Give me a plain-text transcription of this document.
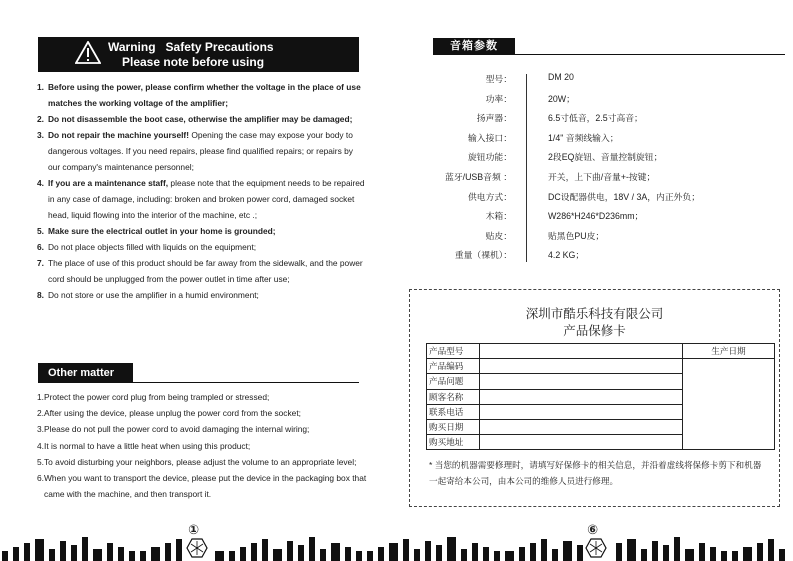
Warning   Safety Precautions
Please note before using
1. Before using the power, please confirm whether the voltage in the place of use matches the working voltage of the amplifier;
2. Do not disassemble the boot case, otherwise the amplifier may be damaged;
3. Do not repair the machine yourself! Opening the case may expose your body to dangerous voltages. If you need repairs, please find qualified repairs; or repairs by our company's maintenance personnel;
4. If you are a maintenance staff, please note that the equipment needs to be repaired in any case of damage, including: broken and broken power cord, damaged socket head, liquid flowing into the interior of the machine, etc .;
5. Make sure the electrical outlet in your home is grounded;
6. Do not place objects filled with liquids on the equipment;
7. The place of use of this product should be far away from the sidewalk, and the power cord should be unplugged from the power outlet in time after use;
8. Do not store or use the amplifier in a humid environment;
Other matter
1. Protect the power cord plug from being trampled or stressed;
2. After using the device, please unplug the power cord from the socket;
3. Please do not pull the power cord to avoid damaging the internal wiring;
4. It is normal to have a little heat when using this product;
5. To avoid disturbing your neighbors, please adjust the volume to an appropriate level;
6. When you want to transport the device, please put the device in the packaging box that came with the machine, and then transport it.
音箱参数
型号：	DM 20
功率：	20W；
扬声器：	6.5寸低音，2.5寸高音；
输入接口：	1/4" 音频线输入；
旋钮功能：	2段EQ旋钮、音量控制旋钮；
蓝牙/USB音频 ：	开关，上下曲/音量+-按键；
供电方式：	DC设配器供电，18V / 3A，内正外负；
木箱：	W286*H246*D236mm；
贴皮：	贴黑色PU皮；
重量（裸机）：	4.2 KG；
深圳市酷乐科技有限公司
产品保修卡
产品型号		生产日期
产品编码		
产品问题		
顾客名称		
联系电话		
购买日期		
购买地址		
* 当您的机器需要修理时，请填写好保修卡的相关信息，并沿着虚线将保修卡剪下和机器一起寄给本公司，由本公司的维修人员进行修理。
①	⑥
